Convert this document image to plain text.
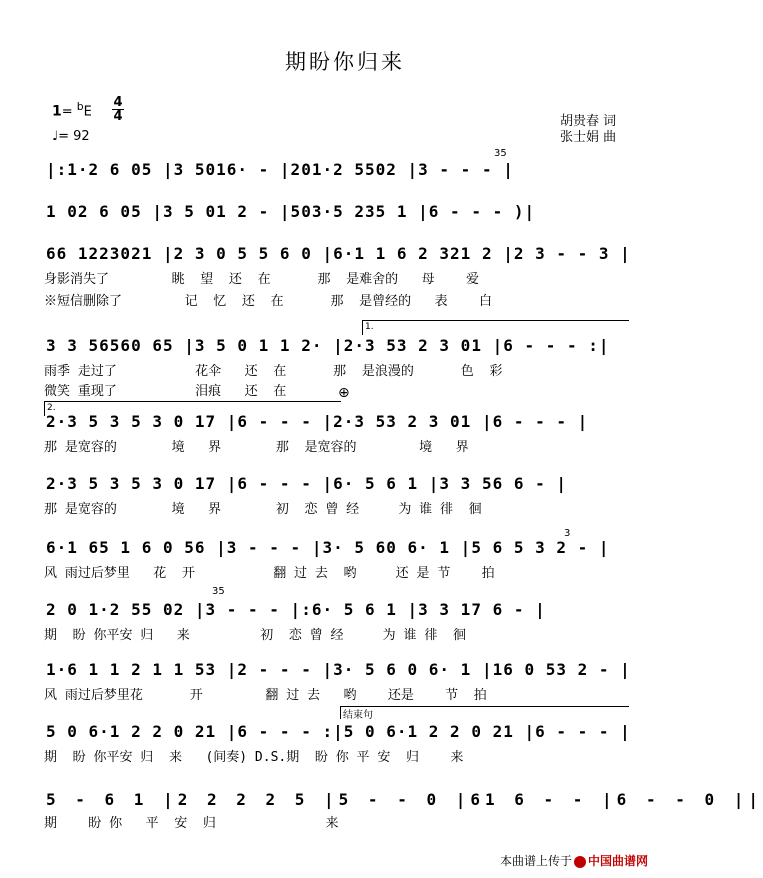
期盼你归来
1= $^b$E
4
4
♩= 92
胡贵春 词
张士娟 曲
|:1·2 6 05 |3 5016· - |201·2 5502 |3 - - - |
35
1 02 6 05 |3 5 01 2 - |503·5 235 1 |6 - - - )|
66 1223021 |2 3 0 5 5 6 0 |6·1 1 6 2 321 2 |2 3 - - 3 |
身影消失了        眺  望  还  在      那  是难舍的   母    爱
※短信删除了        记  忆  还  在      那  是曾经的   表    白
1.
3 3 56560 65 |3 5 0 1 1 2· |2·3 53 2 3 01 |6 - - - :|
雨季 走过了          花伞   还  在      那  是浪漫的      色  彩
微笑 重现了          泪痕   还  在	⊕
2.
2·3 5 3 5 3 0 17 |6 - - - |2·3 53 2 3 01 |6 - - - |
那 是宽容的       境   界       那  是宽容的        境   界
2·3 5 3 5 3 0 17 |6 - - - |6· 5 6 1 |3 3 56 6 - |
那 是宽容的       境   界       初  恋 曾 经     为 谁 徘  徊
6·1 65 1 6 0 56 |3 - - - |3· 5 60 6· 1 |5 6 5 3 2 - |
3
风 雨过后梦里   花  开          翻 过 去  哟     还 是 节    拍
2 0 1·2 55 02 |3 - - - |:6· 5 6 1 |3 3 17 6 - |
35
期  盼 你平安 归   来         初  恋 曾 经     为 谁 徘  徊
1·6 1 1 2 1 1 53 |2 - - - |3· 5 6 0 6· 1 |16 0 53 2 - |
风 雨过后梦里花      开        翻 过 去   哟    还是    节  拍
结束句
5 0 6·1 2 2 0 21 |6 - - - :|5 0 6·1 2 2 0 21 |6 - - - |
期  盼 你平安 归  来   (间奏) D.S.期  盼 你 平 安  归    来
5 - 6 1 |2 2 2 2 5 |5 - - 0 |61 6 - - |6 - - 0 ||
期    盼 你   平  安  归              来
本曲谱上传于 中国曲谱网
